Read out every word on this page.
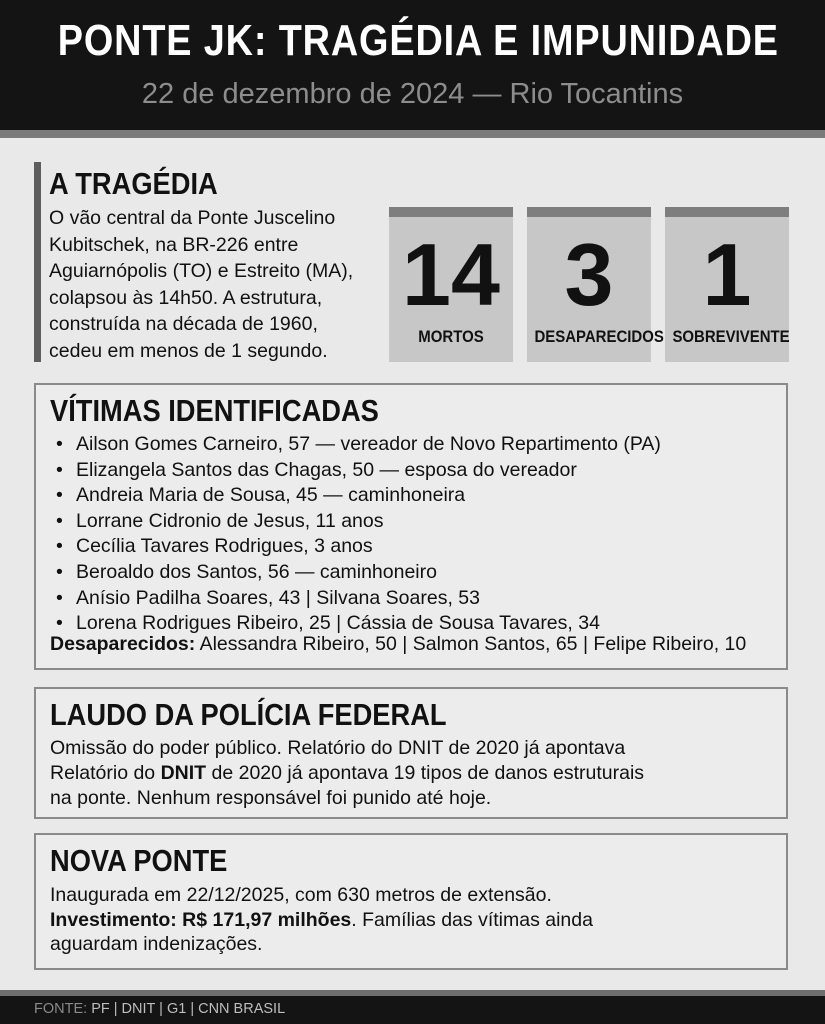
PONTE JK: TRAGÉDIA E IMPUNIDADE
22 de dezembro de 2024 — Rio Tocantins
A TRAGÉDIA
O vão central da Ponte Juscelino
Kubitschek, na BR-226 entre
Aguiarnópolis (TO) e Estreito (MA),
colapsou às 14h50. A estrutura,
construída na década de 1960,
cedeu em menos de 1 segundo.
14
MORTOS
3
DESAPARECIDOS
1
SOBREVIVENTE
VÍTIMAS IDENTIFICADAS
• Ailson Gomes Carneiro, 57 — vereador de Novo Repartimento (PA)
• Elizangela Santos das Chagas, 50 — esposa do vereador
• Andreia Maria de Sousa, 45 — caminhoneira
• Lorrane Cidronio de Jesus, 11 anos
• Cecília Tavares Rodrigues, 3 anos
• Beroaldo dos Santos, 56 — caminhoneiro
• Anísio Padilha Soares, 43 | Silvana Soares, 53
• Lorena Rodrigues Ribeiro, 25 | Cássia de Sousa Tavares, 34
Desaparecidos: Alessandra Ribeiro, 50 | Salmon Santos, 65 | Felipe Ribeiro, 10
LAUDO DA POLÍCIA FEDERAL
Omissão do poder público. Relatório do DNIT de 2020 já apontava
Relatório do DNIT de 2020 já apontava 19 tipos de danos estruturais
na ponte. Nenhum responsável foi punido até hoje.
NOVA PONTE
Inaugurada em 22/12/2025, com 630 metros de extensão.
Investimento: R$ 171,97 milhões. Famílias das vítimas ainda
aguardam indenizações.
FONTE: PF | DNIT | G1 | CNN BRASIL
